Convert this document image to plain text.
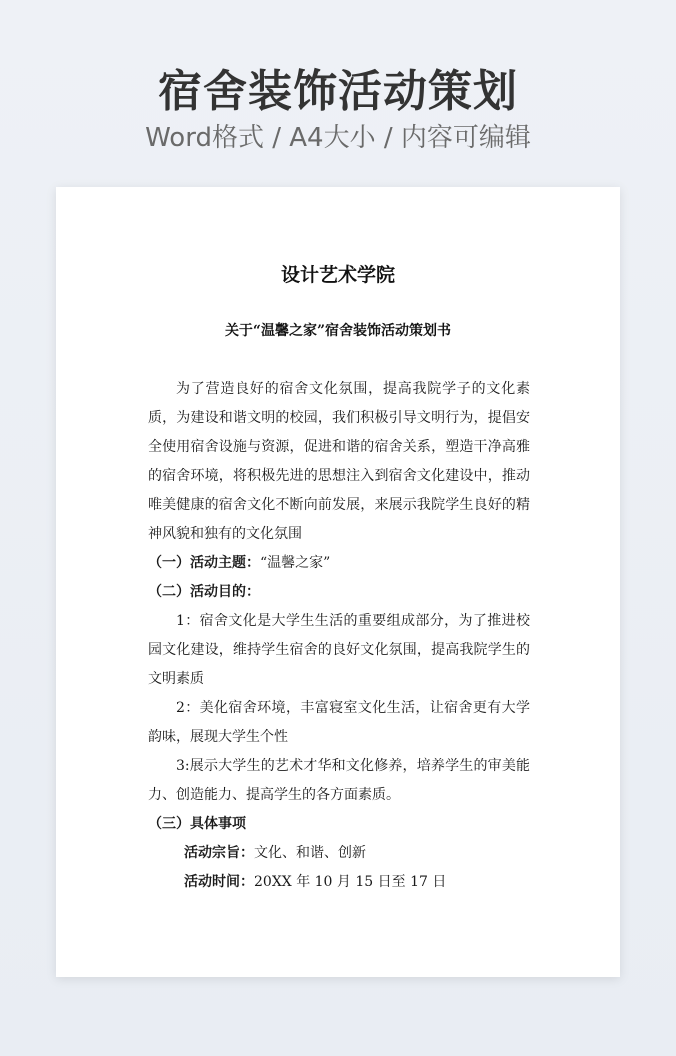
宿舍装饰活动策划
Word格式 / A4大小 / 内容可编辑
设计艺术学院
关于“温馨之家”宿舍装饰活动策划书

为了营造良好的宿舍文化氛围，提高我院学子的文化素质，为建设和谐文明的校园，我们积极引导文明行为，提倡安全使用宿舍设施与资源，促进和谐的宿舍关系，塑造干净高雅的宿舍环境，将积极先进的思想注入到宿舍文化建设中，推动唯美健康的宿舍文化不断向前发展，来展示我院学生良好的精神风貌和独有的文化氛围

（一）活动主题：“温馨之家”

（二）活动目的：

1：宿舍文化是大学生生活的重要组成部分，为了推进校园文化建设，维持学生宿舍的良好文化氛围，提高我院学生的文明素质

2：美化宿舍环境，丰富寝室文化生活，让宿舍更有大学韵味，展现大学生个性

3:展示大学生的艺术才华和文化修养，培养学生的审美能力、创造能力、提高学生的各方面素质。

（三）具体事项

活动宗旨：文化、和谐、创新

活动时间：20XX 年 10 月 15 日至 17 日
